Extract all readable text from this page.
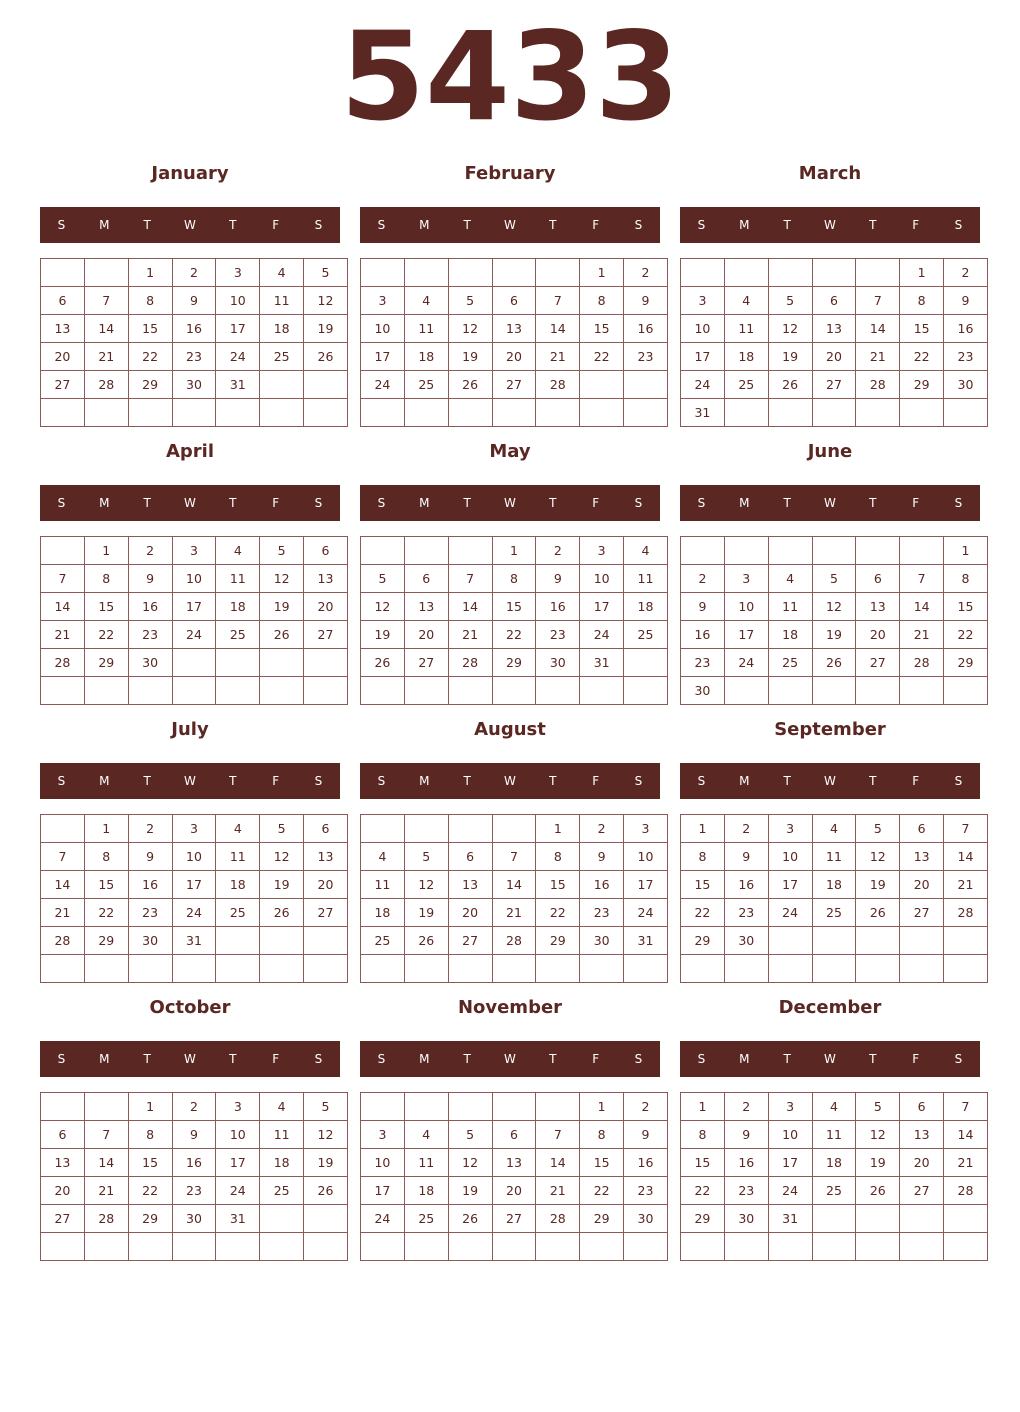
5433
January
S	M	T	W	T	F	S
		1	2	3	4	5
6	7	8	9	10	11	12
13	14	15	16	17	18	19
20	21	22	23	24	25	26
27	28	29	30	31		

February
S	M	T	W	T	F	S
					1	2
3	4	5	6	7	8	9
10	11	12	13	14	15	16
17	18	19	20	21	22	23
24	25	26	27	28		

March
S	M	T	W	T	F	S
					1	2
3	4	5	6	7	8	9
10	11	12	13	14	15	16
17	18	19	20	21	22	23
24	25	26	27	28	29	30
31						
April
S	M	T	W	T	F	S
	1	2	3	4	5	6
7	8	9	10	11	12	13
14	15	16	17	18	19	20
21	22	23	24	25	26	27
28	29	30				

May
S	M	T	W	T	F	S
			1	2	3	4
5	6	7	8	9	10	11
12	13	14	15	16	17	18
19	20	21	22	23	24	25
26	27	28	29	30	31	

June
S	M	T	W	T	F	S
						1
2	3	4	5	6	7	8
9	10	11	12	13	14	15
16	17	18	19	20	21	22
23	24	25	26	27	28	29
30						
July
S	M	T	W	T	F	S
	1	2	3	4	5	6
7	8	9	10	11	12	13
14	15	16	17	18	19	20
21	22	23	24	25	26	27
28	29	30	31			

August
S	M	T	W	T	F	S
				1	2	3
4	5	6	7	8	9	10
11	12	13	14	15	16	17
18	19	20	21	22	23	24
25	26	27	28	29	30	31

September
S	M	T	W	T	F	S
1	2	3	4	5	6	7
8	9	10	11	12	13	14
15	16	17	18	19	20	21
22	23	24	25	26	27	28
29	30					

October
S	M	T	W	T	F	S
		1	2	3	4	5
6	7	8	9	10	11	12
13	14	15	16	17	18	19
20	21	22	23	24	25	26
27	28	29	30	31		

November
S	M	T	W	T	F	S
					1	2
3	4	5	6	7	8	9
10	11	12	13	14	15	16
17	18	19	20	21	22	23
24	25	26	27	28	29	30

December
S	M	T	W	T	F	S
1	2	3	4	5	6	7
8	9	10	11	12	13	14
15	16	17	18	19	20	21
22	23	24	25	26	27	28
29	30	31				
